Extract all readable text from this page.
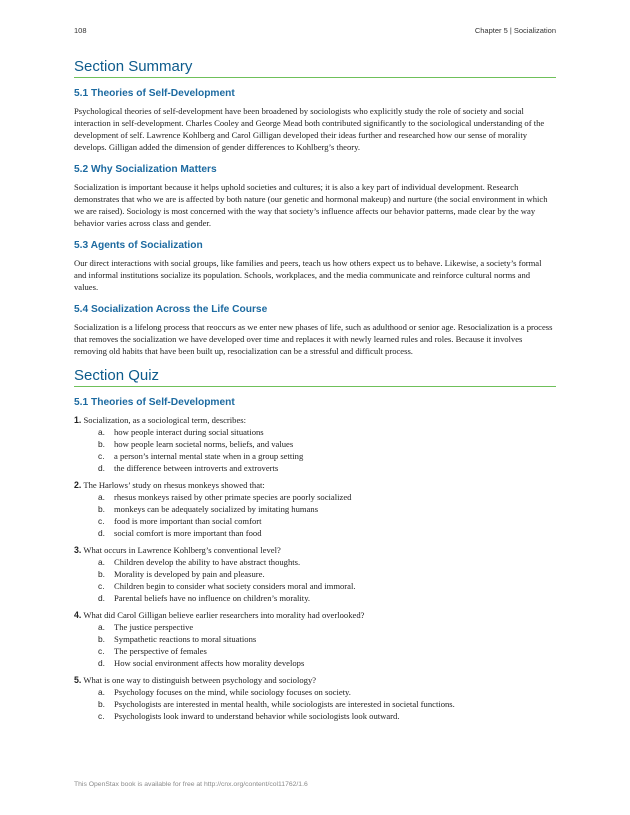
108	Chapter 5 | Socialization
Section Summary
5.1 Theories of Self-Development

Psychological theories of self-development have been broadened by sociologists who explicitly study the role of society and social interaction in self-development. Charles Cooley and George Mead both contributed significantly to the sociological understanding of the development of self. Lawrence Kohlberg and Carol Gilligan developed their ideas further and researched how our sense of morality develops. Gilligan added the dimension of gender differences to Kohlberg’s theory.

5.2 Why Socialization Matters

Socialization is important because it helps uphold societies and cultures; it is also a key part of individual development. Research demonstrates that who we are is affected by both nature (our genetic and hormonal makeup) and nurture (the social environment in which we are raised). Sociology is most concerned with the way that society’s influence affects our behavior patterns, made clear by the way behavior varies across class and gender.

5.3 Agents of Socialization

Our direct interactions with social groups, like families and peers, teach us how others expect us to behave. Likewise, a society’s formal and informal institutions socialize its population. Schools, workplaces, and the media communicate and reinforce cultural norms and values.

5.4 Socialization Across the Life Course

Socialization is a lifelong process that reoccurs as we enter new phases of life, such as adulthood or senior age. Resocialization is a process that removes the socialization we have developed over time and replaces it with newly learned rules and roles. Because it involves removing old habits that have been built up, resocialization can be a stressful and difficult process.

Section Quiz
5.1 Theories of Self-Development
1. Socialization, as a sociological term, describes:
a. how people interact during social situations
b. how people learn societal norms, beliefs, and values
c. a person’s internal mental state when in a group setting
d. the difference between introverts and extroverts
2. The Harlows’ study on rhesus monkeys showed that:
a. rhesus monkeys raised by other primate species are poorly socialized
b. monkeys can be adequately socialized by imitating humans
c. food is more important than social comfort
d. social comfort is more important than food
3. What occurs in Lawrence Kohlberg’s conventional level?
a. Children develop the ability to have abstract thoughts.
b. Morality is developed by pain and pleasure.
c. Children begin to consider what society considers moral and immoral.
d. Parental beliefs have no influence on children’s morality.
4. What did Carol Gilligan believe earlier researchers into morality had overlooked?
a. The justice perspective
b. Sympathetic reactions to moral situations
c. The perspective of females
d. How social environment affects how morality develops
5. What is one way to distinguish between psychology and sociology?
a. Psychology focuses on the mind, while sociology focuses on society.
b. Psychologists are interested in mental health, while sociologists are interested in societal functions.
c. Psychologists look inward to understand behavior while sociologists look outward.
This OpenStax book is available for free at http://cnx.org/content/col11762/1.6
